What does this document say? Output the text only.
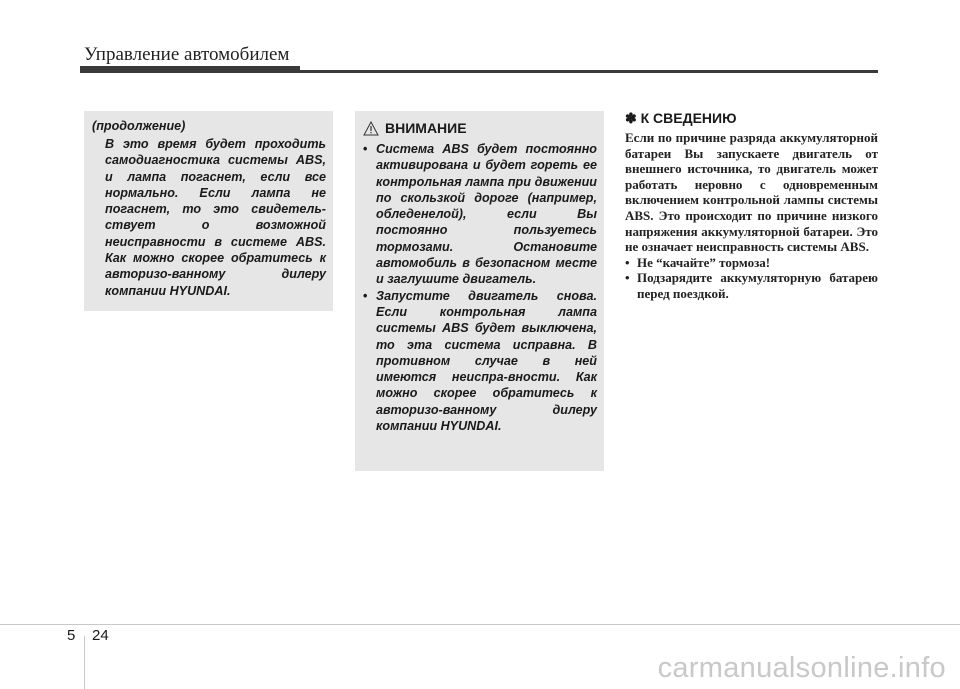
Управление автомобилем
(продолжение)
В это время будет проходить самодиагностика системы ABS, и лампа погаснет, если все нормально. Если лампа не погаснет, то это свидетель-ствует о возможной неисправности в системе ABS. Как можно скорее обратитесь к авторизо-ванному дилеру компании HYUNDAI.
ВНИМАНИЕ
• Система ABS будет постоянно активирована и будет гореть ее контрольная лампа при движении по скользкой дороге (например, обледенелой), если Вы постоянно пользуетесь тормозами. Остановите автомобиль в безопасном месте и заглушите двигатель.
• Запустите двигатель снова. Если контрольная лампа системы ABS будет выключена, то эта система исправна. В противном случае в ней имеются неиспра-вности. Как можно скорее обратитесь к авторизо-ванному дилеру компании HYUNDAI.
✽ К СВЕДЕНИЮ
Если по причине разряда аккумуляторной батареи Вы запускаете двигатель от внешнего источника, то двигатель может работать неровно с одновременным включением контрольной лампы системы ABS. Это происходит по причине низкого напряжения аккумуляторной батареи. Это не означает неисправность системы ABS.
• Не “качайте” тормоза!
• Подзарядите аккумуляторную батарею перед поездкой.
5 24
carmanualsonline.info
